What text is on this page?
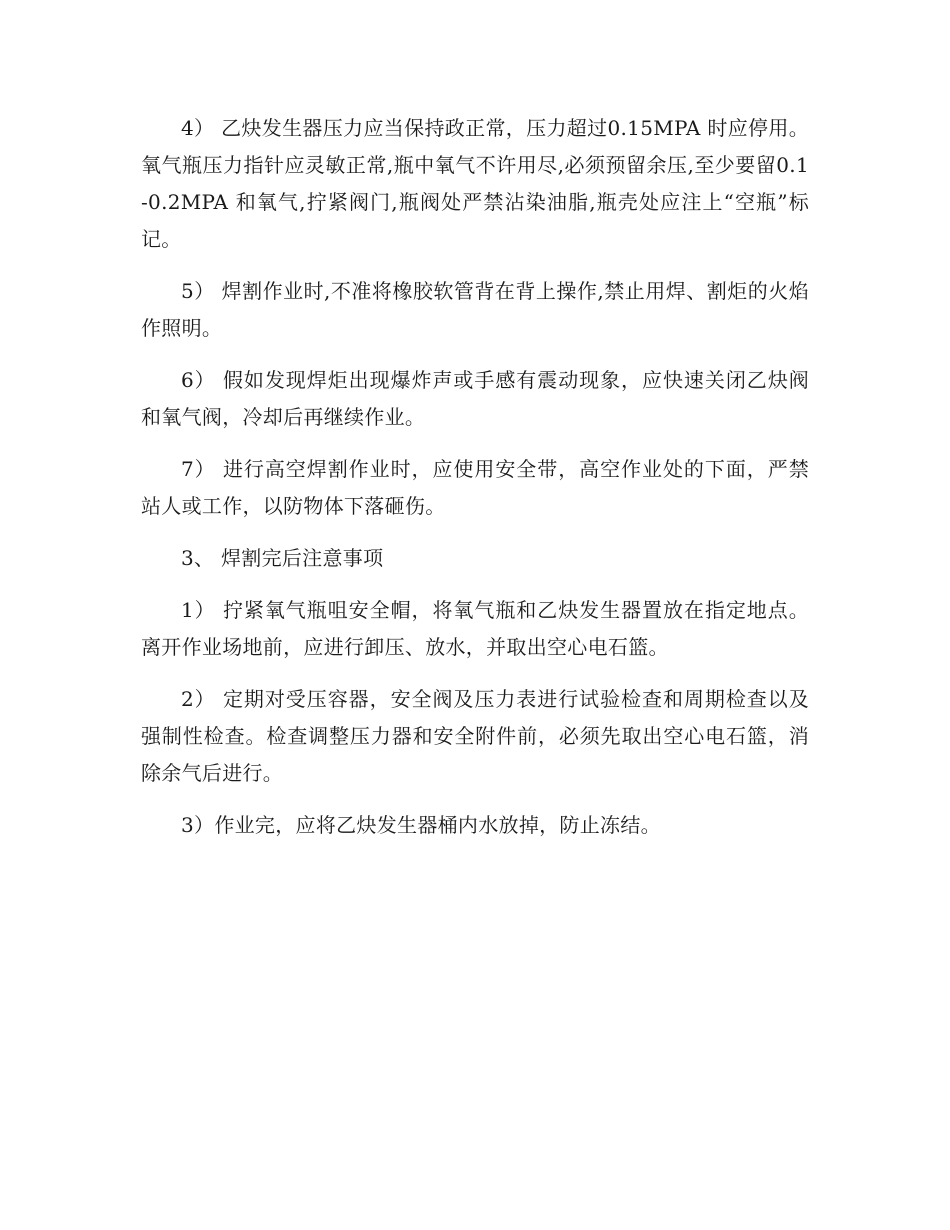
4） 乙炔发生器压力应当保持政正常，压力超过0.15MPA 时应停用。氧气瓶压力指针应灵敏正常,瓶中氧气不许用尽,必须预留余压,至少要留0.1-0.2MPA 和氧气,拧紧阀门,瓶阀处严禁沾染油脂,瓶壳处应注上“空瓶”标记。

5） 焊割作业时,不准将橡胶软管背在背上操作,禁止用焊、割炬的火焰作照明。

6） 假如发现焊炬出现爆炸声或手感有震动现象，应快速关闭乙炔阀和氧气阀，冷却后再继续作业。

7） 进行高空焊割作业时，应使用安全带，高空作业处的下面，严禁站人或工作，以防物体下落砸伤。

3、 焊割完后注意事项

1） 拧紧氧气瓶咀安全帽，将氧气瓶和乙炔发生器置放在指定地点。离开作业场地前，应进行卸压、放水，并取出空心电石篮。

2） 定期对受压容器，安全阀及压力表进行试验检查和周期检查以及强制性检查。检查调整压力器和安全附件前，必须先取出空心电石篮，消除余气后进行。

3）作业完，应将乙炔发生器桶内水放掉，防止冻结。
